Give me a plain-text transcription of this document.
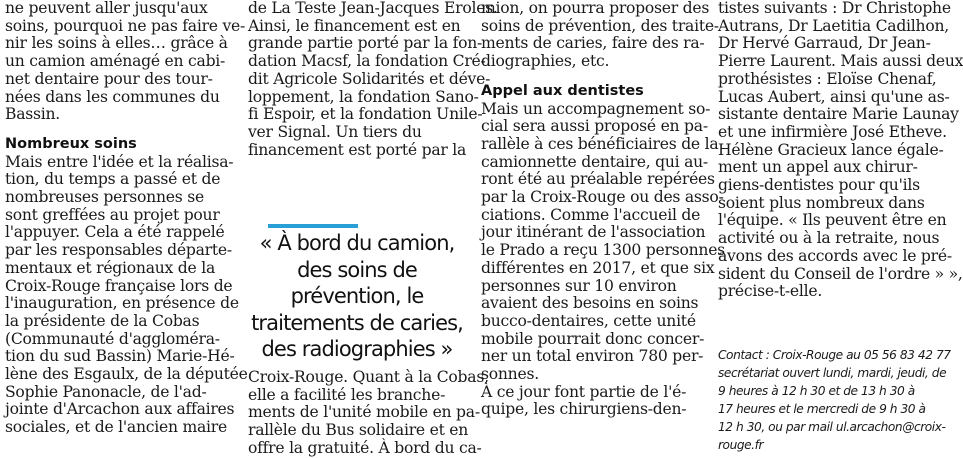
ne peuvent aller jusqu'aux
soins, pourquoi ne pas faire ve-
nir les soins à elles… grâce à
un camion aménagé en cabi-
net dentaire pour des tour-
nées dans les communes du
Bassin.
Nombreux soins
Mais entre l'idée et la réalisa-
tion, du temps a passé et de
nombreuses personnes se
sont greffées au projet pour
l'appuyer. Cela a été rappelé
par les responsables départe-
mentaux et régionaux de la
Croix-Rouge française lors de
l'inauguration, en présence de
la présidente de la Cobas
(Communauté d'aggloméra-
tion du sud Bassin) Marie-Hé-
lène des Esgaulx, de la députée
Sophie Panonacle, de l'ad-
jointe d'Arcachon aux affaires
sociales, et de l'ancien maire
de La Teste Jean-Jacques Eroles.
Ainsi, le financement est en
grande partie porté par la fon-
dation Macsf, la fondation Cré-
dit Agricole Solidarités et déve-
loppement, la fondation Sano-
fi Espoir, et la fondation Unile-
ver Signal. Un tiers du
financement est porté par la
« À bord du camion,
des soins de
prévention, le
traitements de caries,
des radiographies »
Croix-Rouge. Quant à la Cobas,
elle a facilité les branche-
ments de l'unité mobile en pa-
rallèle du Bus solidaire et en
offre la gratuité. À bord du ca-
mion, on pourra proposer des
soins de prévention, des traite-
ments de caries, faire des ra-
diographies, etc.
Appel aux dentistes
Mais un accompagnement so-
cial sera aussi proposé en pa-
rallèle à ces bénéficiaires de la
camionnette dentaire, qui au-
ront été au préalable repérées
par la Croix-Rouge ou des asso-
ciations. Comme l'accueil de
jour itinérant de l'association
le Prado a reçu 1300 personnes
différentes en 2017, et que six
personnes sur 10 environ
avaient des besoins en soins
bucco-dentaires, cette unité
mobile pourrait donc concer-
ner un total environ 780 per-
sonnes.
À ce jour font partie de l'é-
quipe, les chirurgiens-den-
tistes suivants : Dr Christophe
Autrans, Dr Laetitia Cadilhon,
Dr Hervé Garraud, Dr Jean-
Pierre Laurent. Mais aussi deux
prothésistes : Eloïse Chenaf,
Lucas Aubert, ainsi qu'une as-
sistante dentaire Marie Launay
et une infirmière José Etheve.
Hélène Gracieux lance égale-
ment un appel aux chirur-
giens-dentistes pour qu'ils
soient plus nombreux dans
l'équipe. « Ils peuvent être en
activité ou à la retraite, nous
avons des accords avec le pré-
sident du Conseil de l'ordre » »,
précise-t-elle.
Contact : Croix-Rouge au 05 56 83 42 77
secrétariat ouvert lundi, mardi, jeudi, de
9 heures à 12 h 30 et de 13 h 30 à
17 heures et le mercredi de 9 h 30 à
12 h 30, ou par mail ul.arcachon@croix-
rouge.fr
